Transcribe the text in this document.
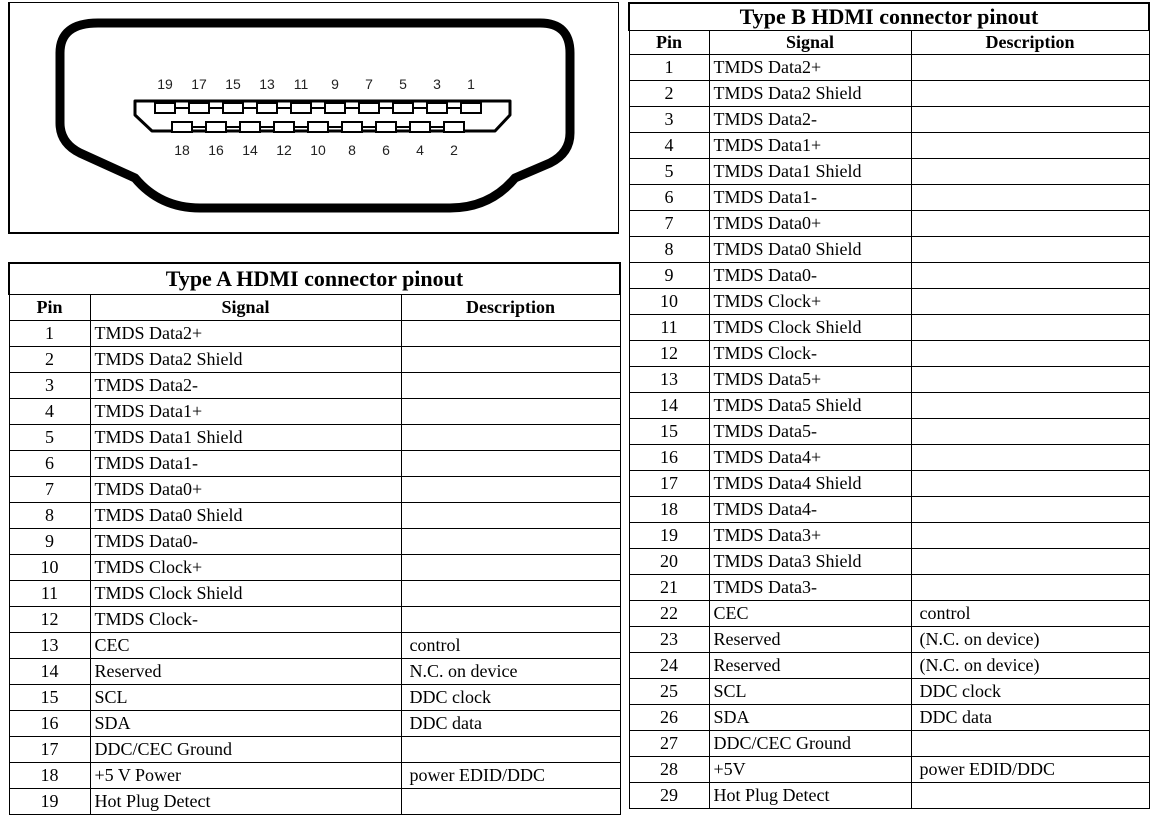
19 17 15 13 11 9 7 5 3 1
18 16 14 12 10 8 6 4 2
Type A HDMI connector pinout		
Pin	Signal	Description
1	TMDS Data2+	
2	TMDS Data2 Shield	
3	TMDS Data2-	
4	TMDS Data1+	
5	TMDS Data1 Shield	
6	TMDS Data1-	
7	TMDS Data0+	
8	TMDS Data0 Shield	
9	TMDS Data0-	
10	TMDS Clock+	
11	TMDS Clock Shield	
12	TMDS Clock-	
13	CEC	control
14	Reserved	N.C. on device
15	SCL	DDC clock
16	SDA	DDC data
17	DDC/CEC Ground	
18	+5 V Power	power EDID/DDC
19	Hot Plug Detect	
Type B HDMI connector pinout		
Pin	Signal	Description
1	TMDS Data2+	
2	TMDS Data2 Shield	
3	TMDS Data2-	
4	TMDS Data1+	
5	TMDS Data1 Shield	
6	TMDS Data1-	
7	TMDS Data0+	
8	TMDS Data0 Shield	
9	TMDS Data0-	
10	TMDS Clock+	
11	TMDS Clock Shield	
12	TMDS Clock-	
13	TMDS Data5+	
14	TMDS Data5 Shield	
15	TMDS Data5-	
16	TMDS Data4+	
17	TMDS Data4 Shield	
18	TMDS Data4-	
19	TMDS Data3+	
20	TMDS Data3 Shield	
21	TMDS Data3-	
22	CEC	control
23	Reserved	(N.C. on device)
24	Reserved	(N.C. on device)
25	SCL	DDC clock
26	SDA	DDC data
27	DDC/CEC Ground	
28	+5V	power EDID/DDC
29	Hot Plug Detect	
